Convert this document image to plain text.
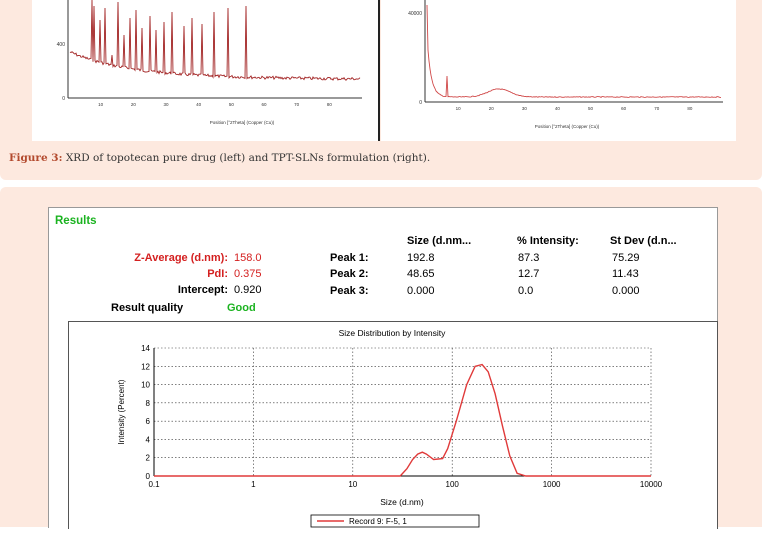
400
0
10	20	30	40	50	60	70	80
Position [°2Theta] (Copper (Cu))
40000
0
10	20	30	40	50	60	70	80
Position [°2Theta] (Copper (Cu))
Figure 3: XRD of topotecan pure drug (left) and TPT-SLNs formulation (right).
Results
Z-Average (d.nm): 158.0
PdI: 0.375
Intercept: 0.920
Result quality	Good
Size (d.nm...	% Intensity:	St Dev (d.n...
Peak 1:	192.8	87.3	75.29
Peak 2:	48.65	12.7	11.43
Peak 3:	0.000	0.0	0.000
Size Distribution by Intensity
0
2
4
6
8
10
12
14
0.1	1	10	100	1000	10000
Intensity (Percent)
Size (d.nm)
Record 9: F-5, 1
